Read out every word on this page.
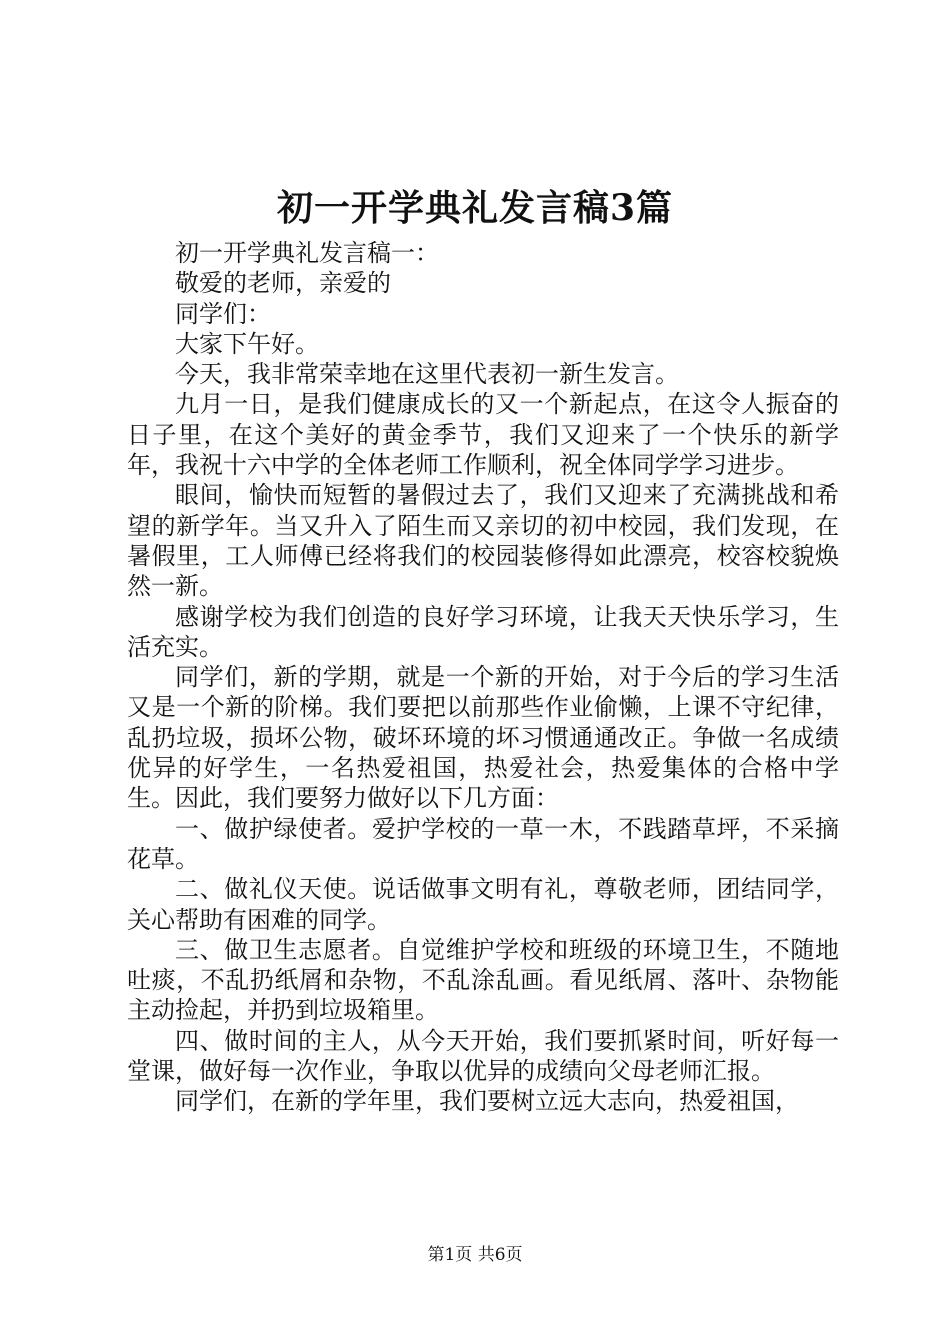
初一开学典礼发言稿3篇

初一开学典礼发言稿一：

敬爱的老师，亲爱的

同学们：

大家下午好。

今天，我非常荣幸地在这里代表初一新生发言。

九月一日，是我们健康成长的又一个新起点，在这令人振奋的日子里，在这个美好的黄金季节，我们又迎来了一个快乐的新学年，我祝十六中学的全体老师工作顺利，祝全体同学学习进步。

眼间，愉快而短暂的暑假过去了，我们又迎来了充满挑战和希望的新学年。当又升入了陌生而又亲切的初中校园，我们发现，在暑假里，工人师傅已经将我们的校园装修得如此漂亮，校容校貌焕然一新。

感谢学校为我们创造的良好学习环境，让我天天快乐学习，生活充实。

同学们，新的学期，就是一个新的开始，对于今后的学习生活又是一个新的阶梯。我们要把以前那些作业偷懒，上课不守纪律，乱扔垃圾，损坏公物，破坏环境的坏习惯通通改正。争做一名成绩优异的好学生，一名热爱祖国，热爱社会，热爱集体的合格中学生。因此，我们要努力做好以下几方面：

一、做护绿使者。爱护学校的一草一木，不践踏草坪，不采摘花草。

二、做礼仪天使。说话做事文明有礼，尊敬老师，团结同学，关心帮助有困难的同学。

三、做卫生志愿者。自觉维护学校和班级的环境卫生，不随地吐痰，不乱扔纸屑和杂物，不乱涂乱画。看见纸屑、落叶、杂物能主动捡起，并扔到垃圾箱里。

四、做时间的主人，从今天开始，我们要抓紧时间，听好每一堂课，做好每一次作业，争取以优异的成绩向父母老师汇报。

同学们，在新的学年里，我们要树立远大志向，热爱祖国，

第1页 共6页
